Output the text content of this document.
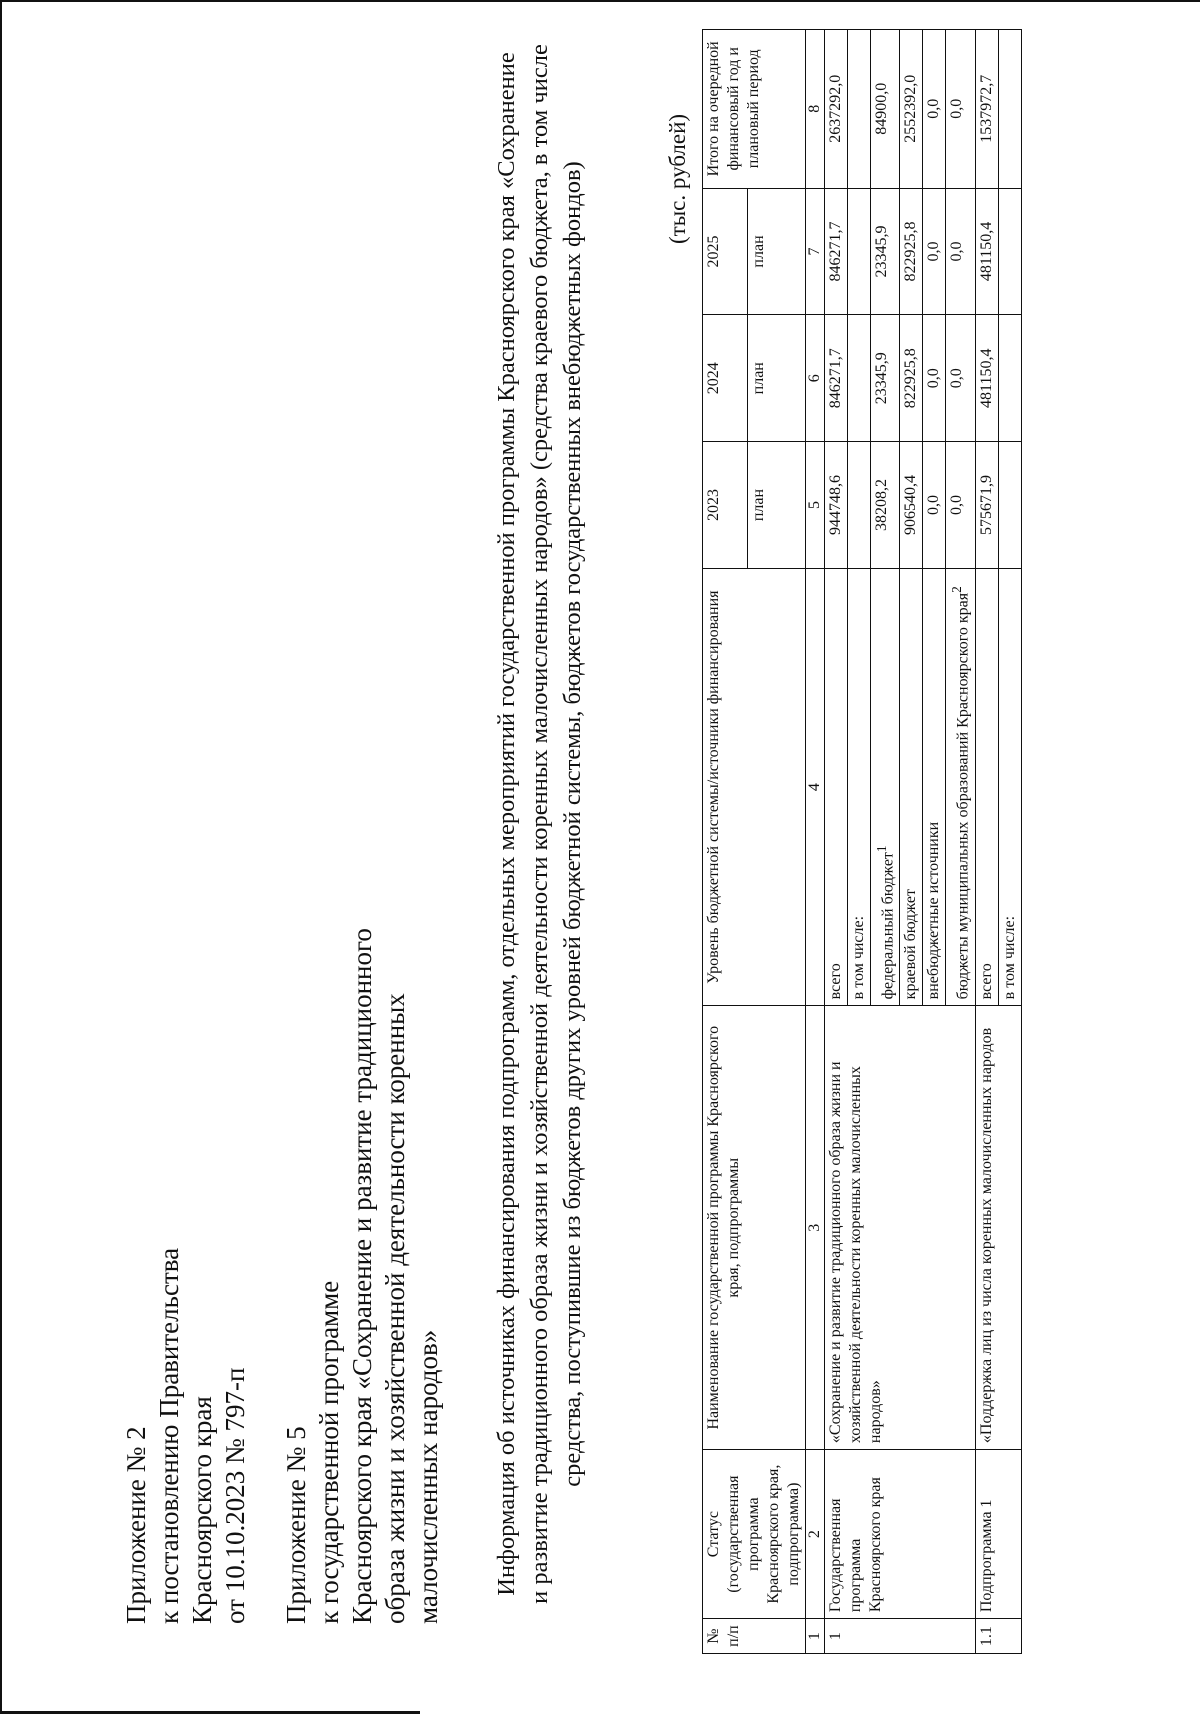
Приложение № 2 к постановлению Правительства Красноярского края от 10.10.2023 № 797-п Приложение № 5 к государственной программе Красноярского края «Сохранение и развитие традиционного образа жизни и хозяйственной деятельности коренных малочисленных народов» Информация об источниках финансирования подпрограмм, отдельных мероприятий государственной программы Красноярского края «Сохранение и развитие традиционного образа жизни и хозяйственной деятельности коренных малочисленных народов» (средства краевого бюджета, в том числе средства, поступившие из бюджетов других уровней бюджетной системы, бюджетов государственных внебюджетных фондов)	(тыс. рублей)
№ п/п	Статус (государственная программа Красноярского края, подпрограмма)	Наименование государственной программы Красноярского края, подпрограммы	Уровень бюджетной системы/источники финансирования	2023	2024	2025	Итого на очередной финансовый год и плановый период
				план	план	план	
1	2	3	4	5	6	7	8
1	Государственная программа Красноярского края	«Сохранение и развитие традиционного образа жизни и хозяйственной деятельности коренных малочисленных народов»	всего	944748,6	846271,7	846271,7	2637292,0
			в том числе:				
			федеральный бюджет$^1$	38208,2	23345,9	23345,9	84900,0
			краевой бюджет	906540,4	822925,8	822925,8	2552392,0
			внебюджетные источники	0,0	0,0	0,0	0,0
			бюджеты муниципальных образований Красноярского края$^2$	0,0	0,0	0,0	0,0
1.1	Подпрограмма 1	«Поддержка лиц из числа коренных малочисленных народов	всего	575671,9	481150,4	481150,4	1537972,7
			в том числе:				
